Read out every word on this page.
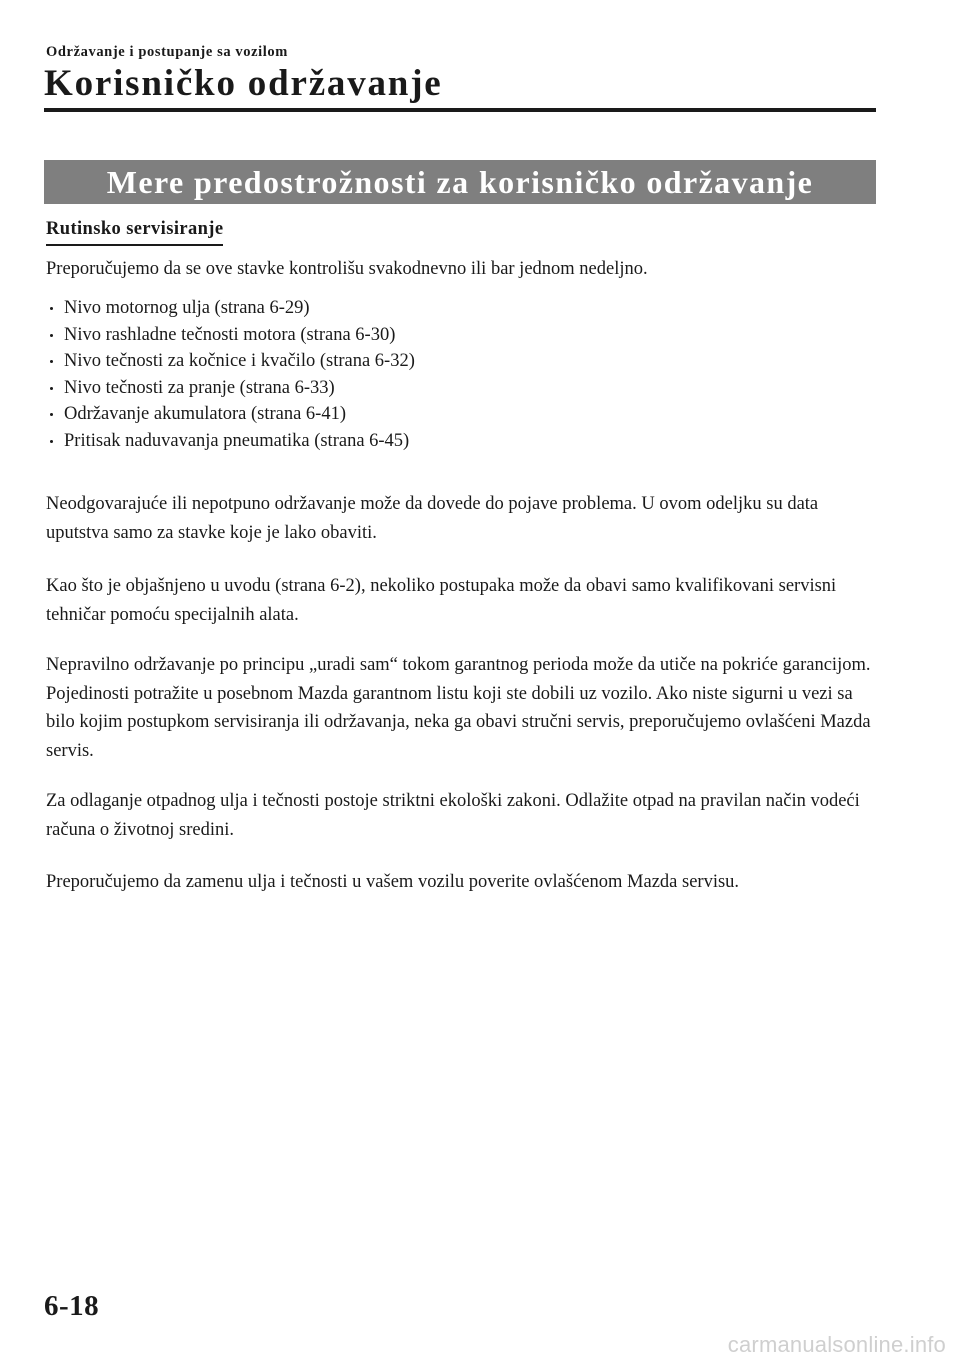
Održavanje i postupanje sa vozilom
Korisničko održavanje
Mere predostrožnosti za korisničko održavanje
Rutinsko servisiranje
Preporučujemo da se ove stavke kontrolišu svakodnevno ili bar jednom nedeljno.
Nivo motornog ulja (strana 6-29)
Nivo rashladne tečnosti motora (strana 6-30)
Nivo tečnosti za kočnice i kvačilo (strana 6-32)
Nivo tečnosti za pranje (strana 6-33)
Održavanje akumulatora (strana 6-41)
Pritisak naduvavanja pneumatika (strana 6-45)

Neodgovarajuće ili nepotpuno održavanje može da dovede do pojave problema. U ovom odeljku su data uputstva samo za stavke koje je lako obaviti.

Kao što je objašnjeno u uvodu (strana 6-2), nekoliko postupaka može da obavi samo kvalifikovani servisni tehničar pomoću specijalnih alata.

Nepravilno održavanje po principu „uradi sam“ tokom garantnog perioda može da utiče na pokriće garancijom. Pojedinosti potražite u posebnom Mazda garantnom listu koji ste dobili uz vozilo. Ako niste sigurni u vezi sa bilo kojim postupkom servisiranja ili održavanja, neka ga obavi stručni servis, preporučujemo ovlašćeni Mazda servis.

Za odlaganje otpadnog ulja i tečnosti postoje striktni ekološki zakoni. Odlažite otpad na pravilan način vodeći računa o životnoj sredini.

Preporučujemo da zamenu ulja i tečnosti u vašem vozilu poverite ovlašćenom Mazda servisu.

6-18
carmanualsonline.info
